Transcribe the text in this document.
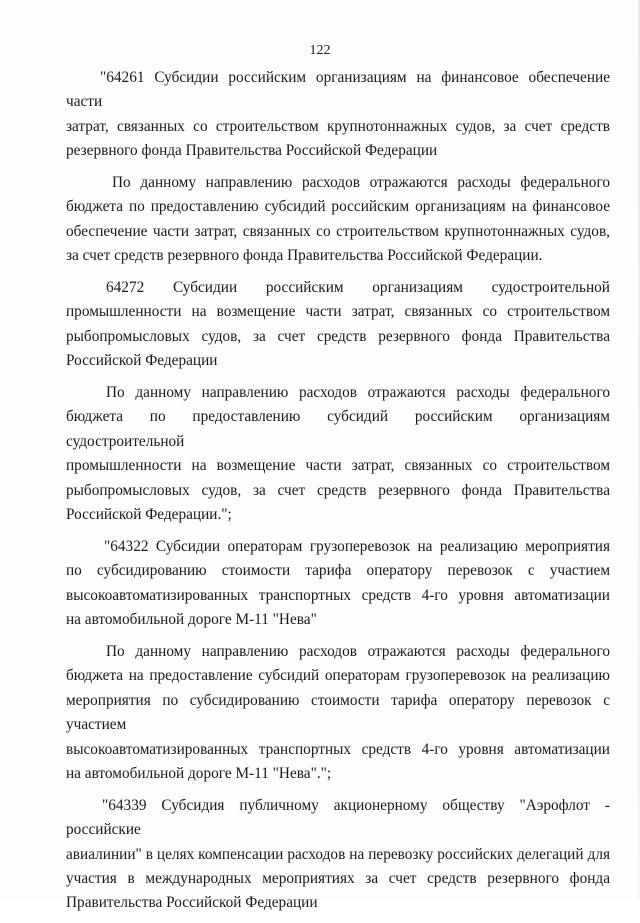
122
"64261 Субсидии российским организациям на финансовое обеспечение части
затрат, связанных со строительством крупнотоннажных судов, за счет средств
резервного фонда Правительства Российской Федерации
По данному направлению расходов отражаются расходы федерального
бюджета по предоставлению субсидий российским организациям на финансовое
обеспечение части затрат, связанных со строительством крупнотоннажных судов,
за счет средств резервного фонда Правительства Российской Федерации.
64272 Субсидии российским организациям судостроительной
промышленности на возмещение части затрат, связанных со строительством
рыбопромысловых судов, за счет средств резервного фонда Правительства
Российской Федерации
По данному направлению расходов отражаются расходы федерального
бюджета по предоставлению субсидий российским организациям судостроительной
промышленности на возмещение части затрат, связанных со строительством
рыбопромысловых судов, за счет средств резервного фонда Правительства
Российской Федерации.";
"64322 Субсидии операторам грузоперевозок на реализацию мероприятия
по субсидированию стоимости тарифа оператору перевозок с участием
высокоавтоматизированных транспортных средств 4-го уровня автоматизации
на автомобильной дороге М-11 "Нева"
По данному направлению расходов отражаются расходы федерального
бюджета на предоставление субсидий операторам грузоперевозок на реализацию
мероприятия по субсидированию стоимости тарифа оператору перевозок с участием
высокоавтоматизированных транспортных средств 4-го уровня автоматизации
на автомобильной дороге М-11 "Нева".";
"64339 Субсидия публичному акционерному обществу "Аэрофлот - российские
авиалинии" в целях компенсации расходов на перевозку российских делегаций для
участия в международных мероприятиях за счет средств резервного фонда
Правительства Российской Федерации
